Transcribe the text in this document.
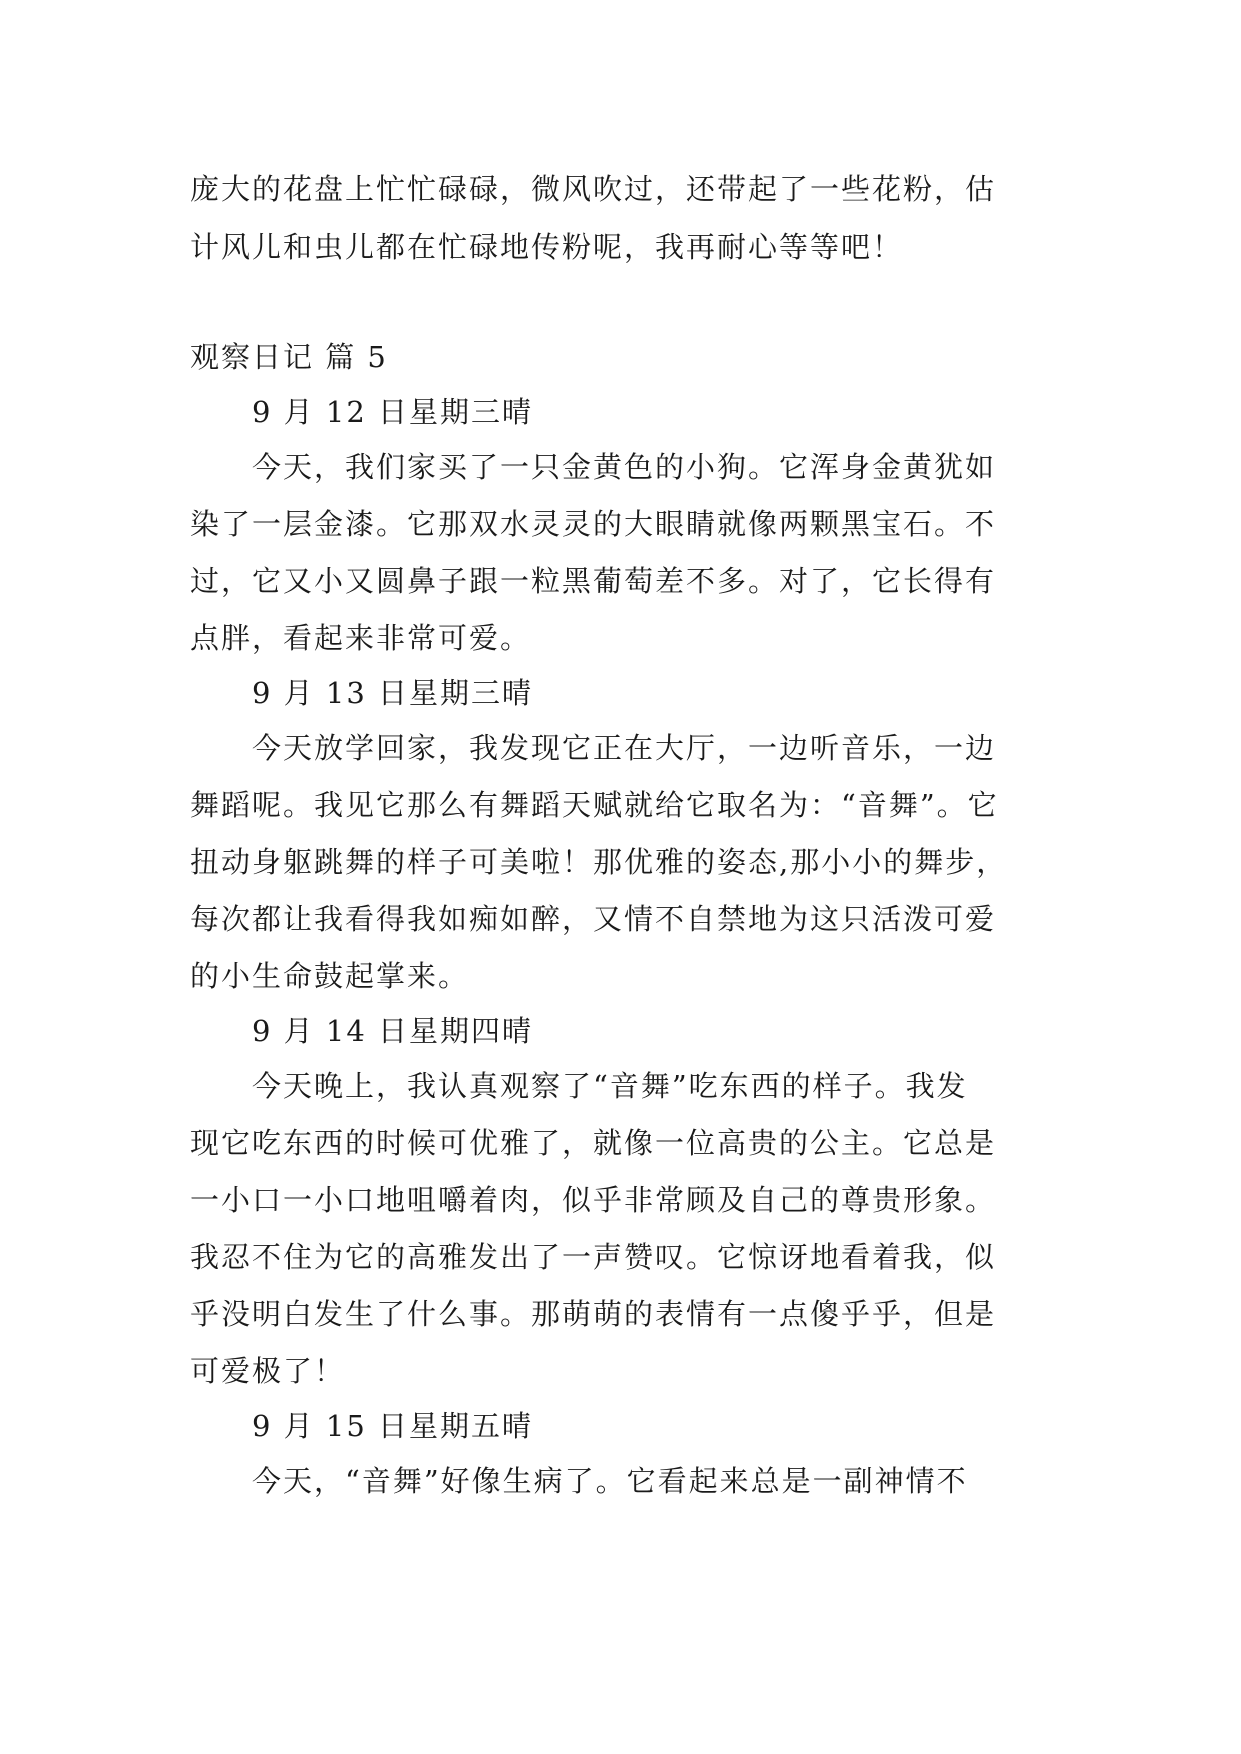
庞大的花盘上忙忙碌碌，微风吹过，还带起了一些花粉，估
计风儿和虫儿都在忙碌地传粉呢，我再耐心等等吧！
观察日记 篇 5
9 月 12 日星期三晴
今天，我们家买了一只金黄色的小狗。它浑身金黄犹如
染了一层金漆。它那双水灵灵的大眼睛就像两颗黑宝石。不
过，它又小又圆鼻子跟一粒黑葡萄差不多。对了，它长得有
点胖，看起来非常可爱。
9 月 13 日星期三晴
今天放学回家，我发现它正在大厅，一边听音乐，一边
舞蹈呢。我见它那么有舞蹈天赋就给它取名为：“音舞”。它
扭动身躯跳舞的样子可美啦！那优雅的姿态,那小小的舞步，
每次都让我看得我如痴如醉，又情不自禁地为这只活泼可爱
的小生命鼓起掌来。
9 月 14 日星期四晴
今天晚上，我认真观察了“音舞”吃东西的样子。我发
现它吃东西的时候可优雅了，就像一位高贵的公主。它总是
一小口一小口地咀嚼着肉，似乎非常顾及自己的尊贵形象。
我忍不住为它的高雅发出了一声赞叹。它惊讶地看着我，似
乎没明白发生了什么事。那萌萌的表情有一点傻乎乎，但是
可爱极了！
9 月 15 日星期五晴
今天，“音舞”好像生病了。它看起来总是一副神情不
